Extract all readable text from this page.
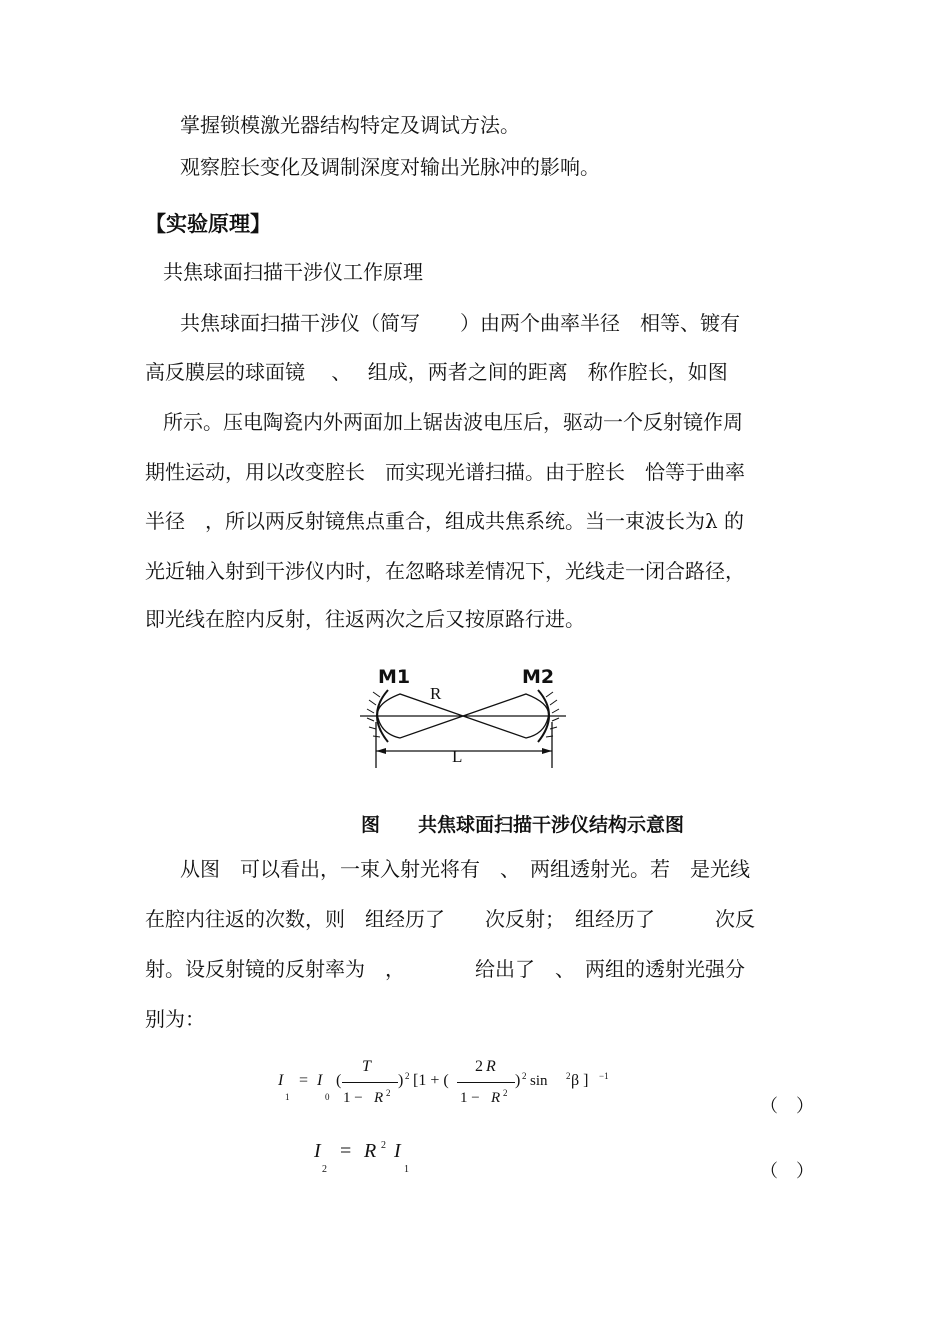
掌握锁模激光器结构特定及调试方法。
观察腔长变化及调制深度对输出光脉冲的影响。
【实验原理】
共焦球面扫描干涉仪工作原理
共焦球面扫描干涉仪（简写　　）由两个曲率半径　相等、镀有
高反膜层的球面镜　 、　 组成，两者之间的距离　称作腔长，如图
所示。压电陶瓷内外两面加上锯齿波电压后，驱动一个反射镜作周
期性运动，用以改变腔长　而实现光谱扫描。由于腔长　恰等于曲率
半径　，所以两反射镜焦点重合，组成共焦系统。当一束波长为λ 的
光近轴入射到干涉仪内时，在忽略球差情况下，光线走一闭合路径，
即光线在腔内反射，往返两次之后又按原路行进。
M1	M2
R
L
图　　共焦球面扫描干涉仪结构示意图
从图　可以看出，一束入射光将有　、　两组透射光。若　是光线
在腔内往返的次数，则　组经历了　　次反射；　组经历了　　　次反
射。设反射镜的反射率为　，　　　　给出了　、　两组的透射光强分
别为：
I
1
= I
0
(
T
1 − R 2
) 2 [1 + (
2 R
1 − R 2
) 2 sin 2 β ] −1
（　）
I
2
= R 2 I
1	（　）
